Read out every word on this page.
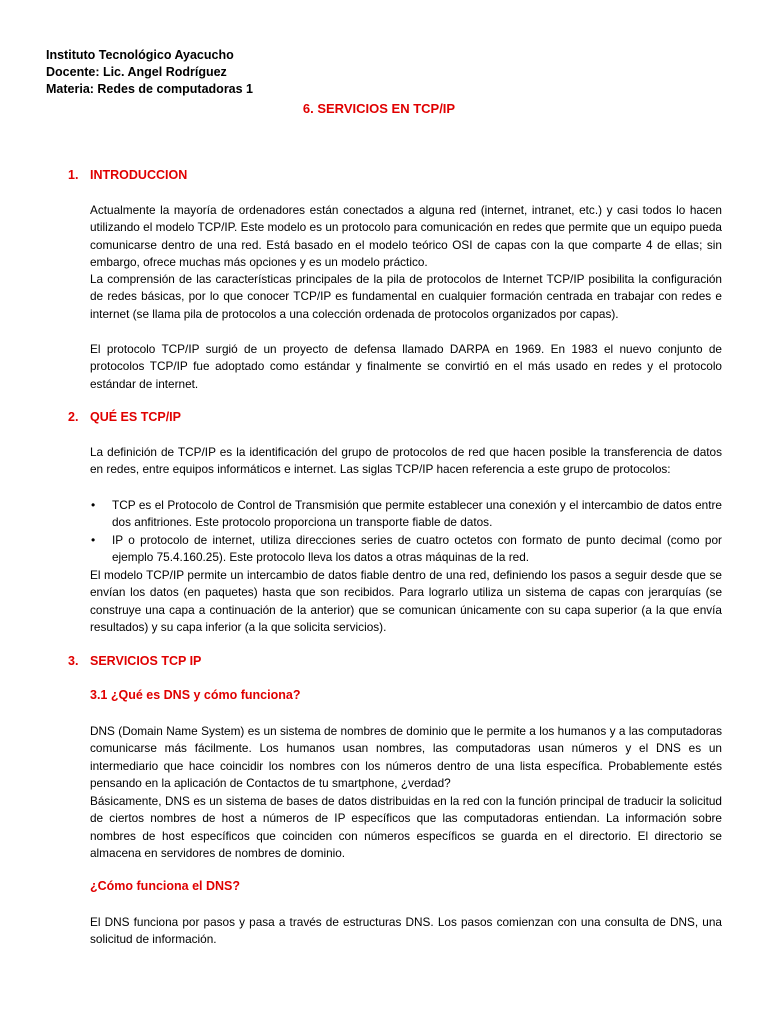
Instituto Tecnológico Ayacucho
Docente: Lic. Angel Rodríguez
Materia: Redes de computadoras 1
6. SERVICIOS EN TCP/IP
1. INTRODUCCION
Actualmente la mayoría de ordenadores están conectados a alguna red (internet, intranet, etc.) y casi todos lo hacen utilizando el modelo TCP/IP. Este modelo es un protocolo para comunicación en redes que permite que un equipo pueda comunicarse dentro de una red. Está basado en el modelo teórico OSI de capas con la que comparte 4 de ellas; sin embargo, ofrece muchas más opciones y es un modelo práctico.
La comprensión de las características principales de la pila de protocolos de Internet TCP/IP posibilita la configuración de redes básicas, por lo que conocer TCP/IP es fundamental en cualquier formación centrada en trabajar con redes e internet (se llama pila de protocolos a una colección ordenada de protocolos organizados por capas).
El protocolo TCP/IP surgió de un proyecto de defensa llamado DARPA en 1969. En 1983 el nuevo conjunto de protocolos TCP/IP fue adoptado como estándar y finalmente se convirtió en el más usado en redes y el protocolo estándar de internet.
2. QUÉ ES TCP/IP
La definición de TCP/IP es la identificación del grupo de protocolos de red que hacen posible la transferencia de datos en redes, entre equipos informáticos e internet. Las siglas TCP/IP hacen referencia a este grupo de protocolos:
• TCP es el Protocolo de Control de Transmisión que permite establecer una conexión y el intercambio de datos entre dos anfitriones. Este protocolo proporciona un transporte fiable de datos.
• IP o protocolo de internet, utiliza direcciones series de cuatro octetos con formato de punto decimal (como por ejemplo 75.4.160.25). Este protocolo lleva los datos a otras máquinas de la red.
El modelo TCP/IP permite un intercambio de datos fiable dentro de una red, definiendo los pasos a seguir desde que se envían los datos (en paquetes) hasta que son recibidos. Para lograrlo utiliza un sistema de capas con jerarquías (se construye una capa a continuación de la anterior) que se comunican únicamente con su capa superior (a la que envía resultados) y su capa inferior (a la que solicita servicios).
3. SERVICIOS TCP IP
3.1 ¿Qué es DNS y cómo funciona?
DNS (Domain Name System) es un sistema de nombres de dominio que le permite a los humanos y a las computadoras comunicarse más fácilmente. Los humanos usan nombres, las computadoras usan números y el DNS es un intermediario que hace coincidir los nombres con los números dentro de una lista específica. Probablemente estés pensando en la aplicación de Contactos de tu smartphone, ¿verdad?
Básicamente, DNS es un sistema de bases de datos distribuidas en la red con la función principal de traducir la solicitud de ciertos nombres de host a números de IP específicos que las computadoras entiendan. La información sobre nombres de host específicos que coinciden con números específicos se guarda en el directorio. El directorio se almacena en servidores de nombres de dominio.
¿Cómo funciona el DNS?
El DNS funciona por pasos y pasa a través de estructuras DNS. Los pasos comienzan con una consulta de DNS, una solicitud de información.
